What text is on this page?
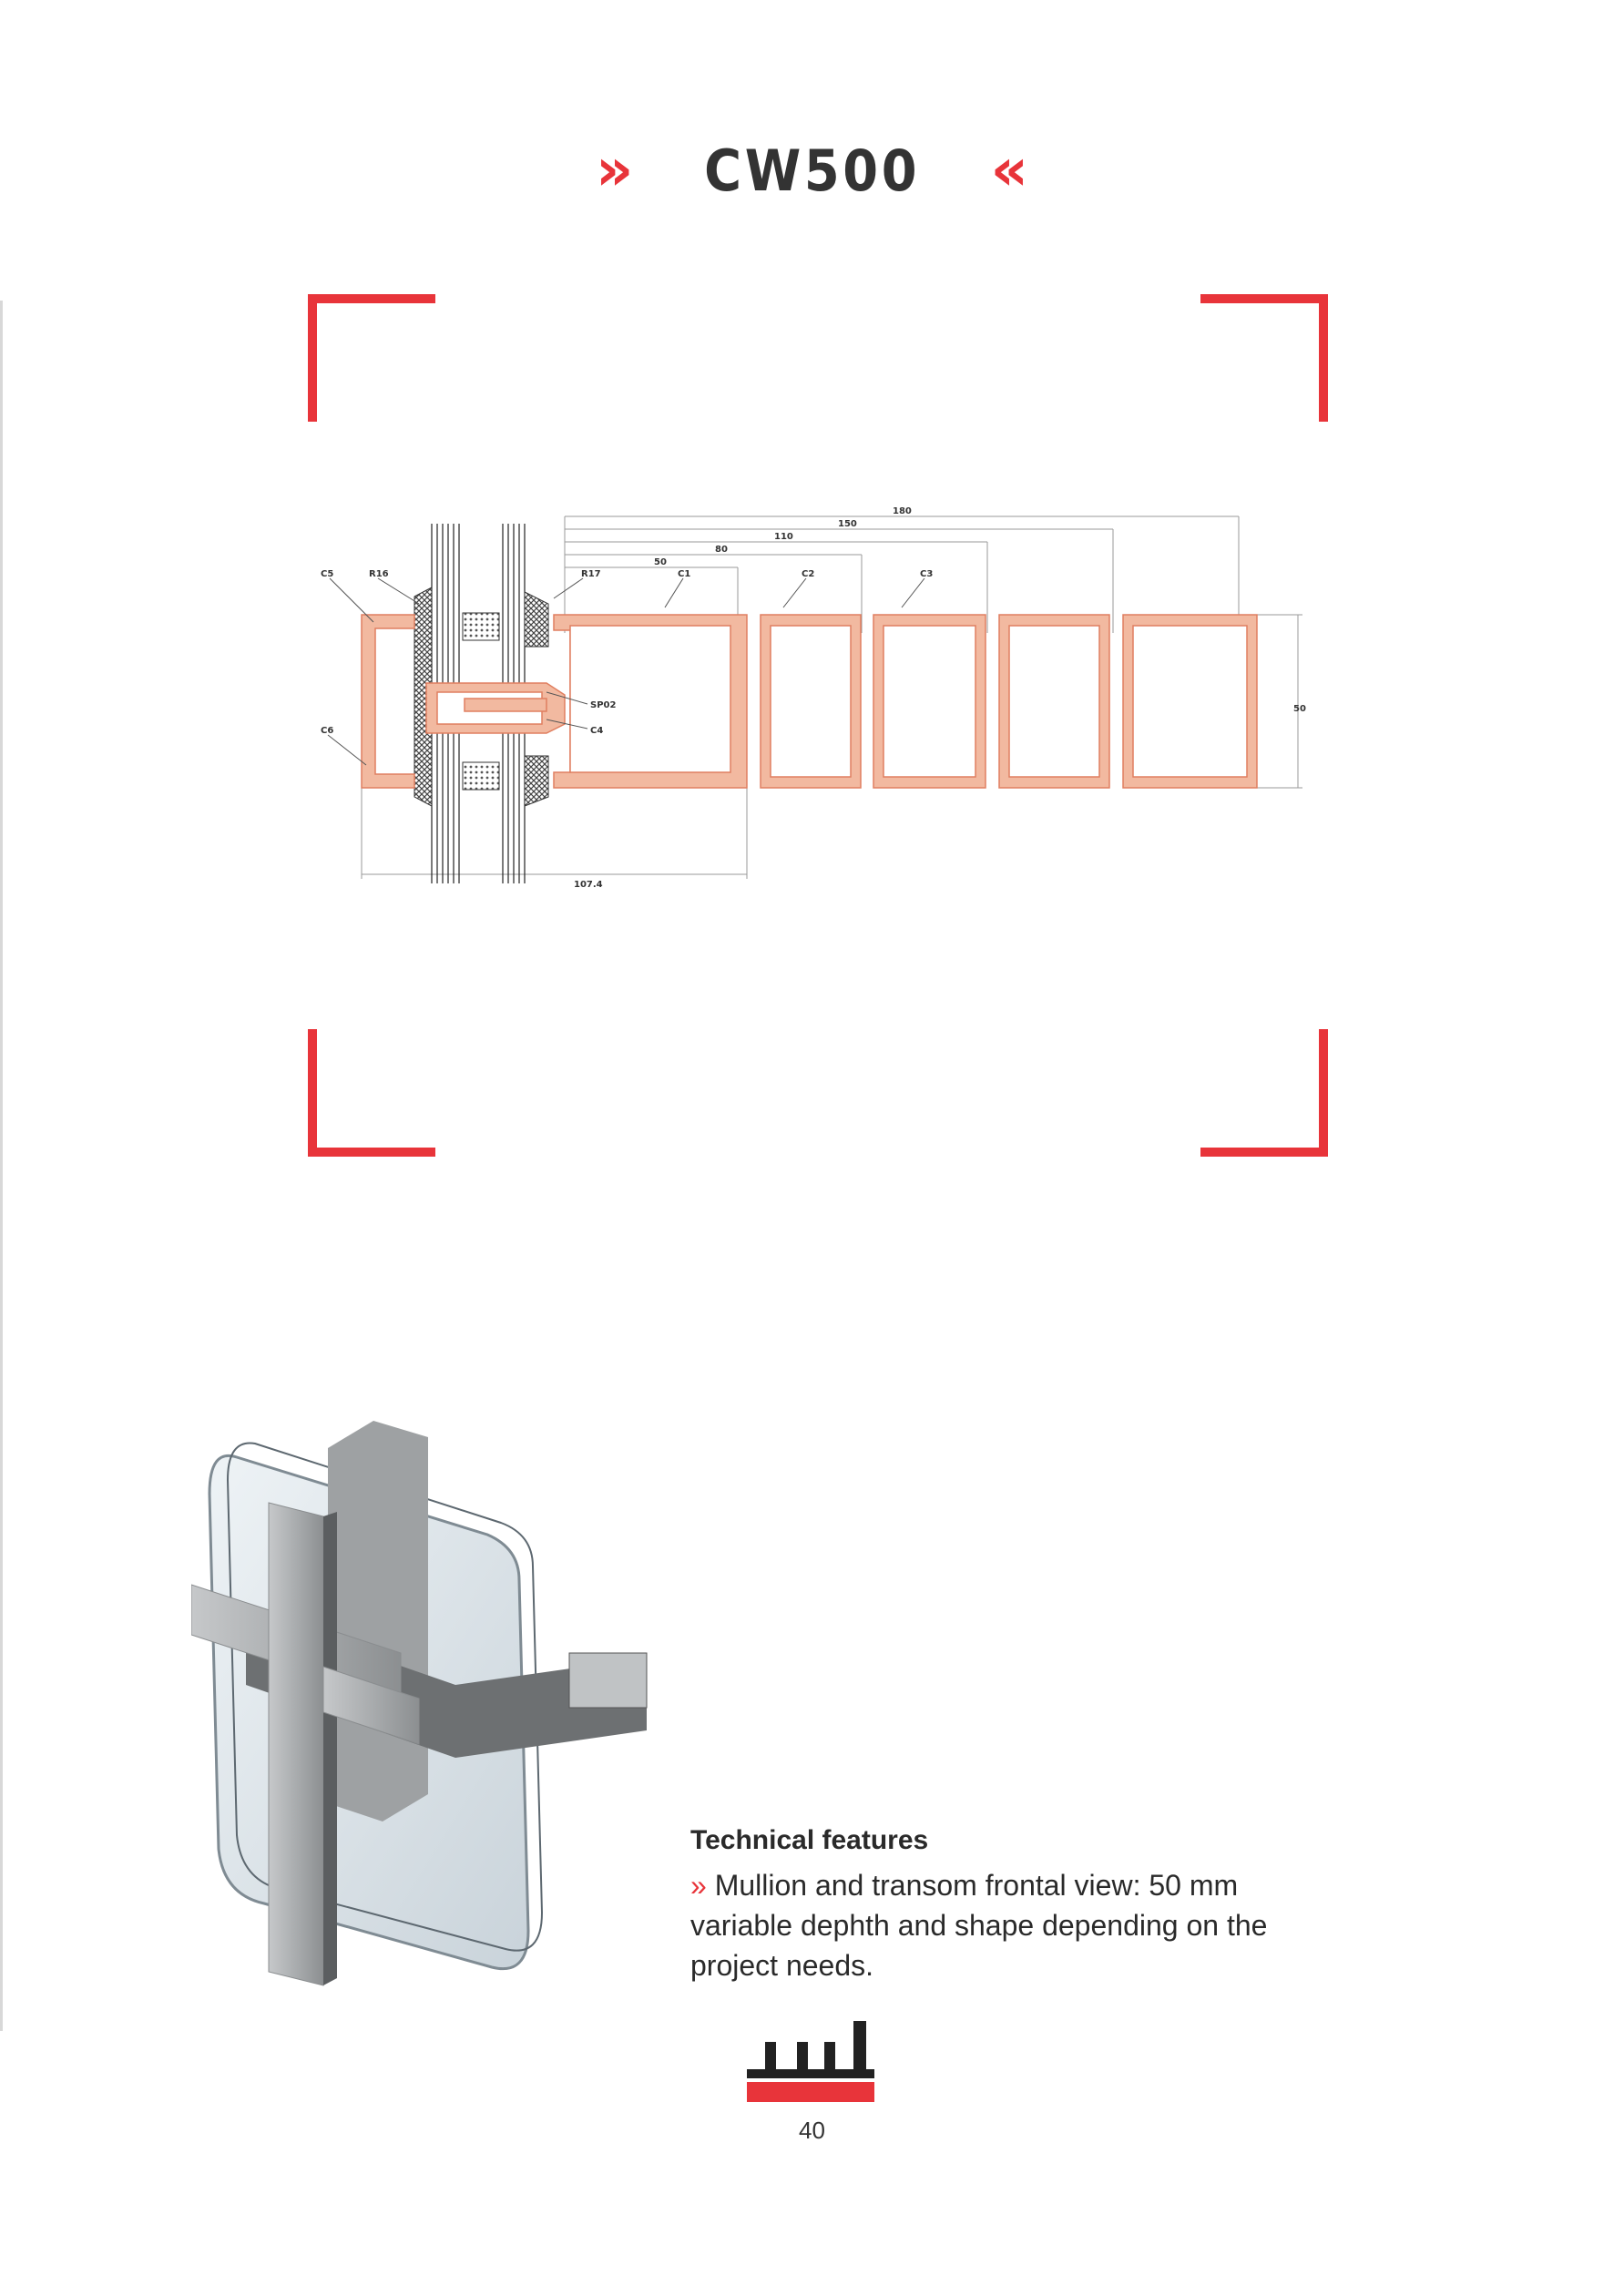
» CW500 «
180
150
110
80
50
50
107.4
C5	R16	R17	C1	C2	C3
SP02
C4
C6
Technical features

» Mullion and transom frontal view: 50 mm variable dephth and shape depending on the project needs.

40
